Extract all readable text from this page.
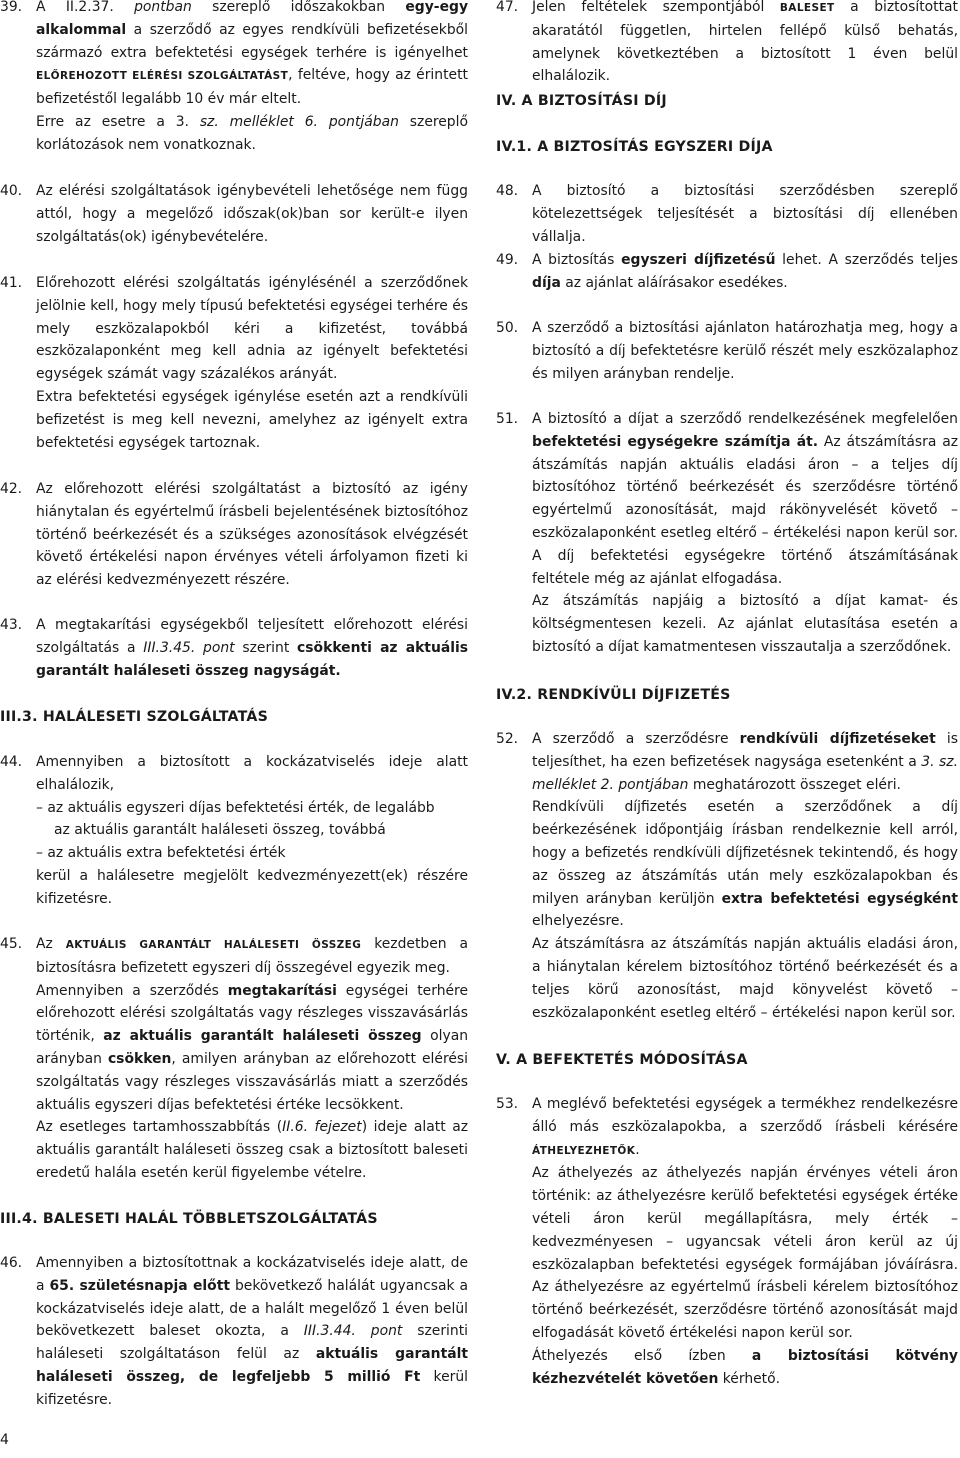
39.	A II.2.37. pontban szereplő időszakokban egy-egy alkalommal a szerződő az egyes rendkívüli befizetésekből származó extra befektetési egységek terhére is igényelhet ELŐREHOZOTT ELÉRÉSI SZOLGÁLTATÁST, feltéve, hogy az érintett befizetéstől legalább 10 év már eltelt.
Erre az esetre a 3. sz. melléklet 6. pontjában szereplő korlátozások nem vonatkoznak.
40.	Az elérési szolgáltatások igénybevételi lehetősége nem függ attól, hogy a megelőző időszak(ok)ban sor került-e ilyen szolgáltatás(ok) igénybevételére.
41.	Előrehozott elérési szolgáltatás igénylésénél a szerződőnek jelölnie kell, hogy mely típusú befektetési egységei terhére és mely eszközalapokból kéri a kifizetést, továbbá eszközalaponként meg kell adnia az igényelt befektetési egységek számát vagy százalékos arányát.
Extra befektetési egységek igénylése esetén azt a rendkívüli befizetést is meg kell nevezni, amelyhez az igényelt extra befektetési egységek tartoznak.
42.	Az előrehozott elérési szolgáltatást a biztosító az igény hiánytalan és egyértelmű írásbeli bejelentésének biztosítóhoz történő beérkezését és a szükséges azonosítások elvégzését követő értékelési napon érvényes vételi árfolyamon fizeti ki az elérési kedvezményezett részére.
43.	A megtakarítási egységekből teljesített előrehozott elérési szolgáltatás a III.3.45. pont szerint csökkenti az aktuális garantált haláleseti összeg nagyságát.
III.3. HALÁLESETI SZOLGÁLTATÁS
44.	Amennyiben a biztosított a kockázatviselés ideje alatt elhalálozik,
– az aktuális egyszeri díjas befektetési érték, de legalább
az aktuális garantált haláleseti összeg, továbbá
– az aktuális extra befektetési érték
kerül a halálesetre megjelölt kedvezményezett(ek) részére kifizetésre.
45.	Az AKTUÁLIS GARANTÁLT HALÁLESETI ÖSSZEG kezdetben a biztosításra befizetett egyszeri díj összegével egyezik meg.
Amennyiben a szerződés megtakarítási egységei terhére előrehozott elérési szolgáltatás vagy részleges visszavásárlás történik, az aktuális garantált haláleseti összeg olyan arányban csökken, amilyen arányban az előrehozott elérési szolgáltatás vagy részleges visszavásárlás miatt a szerződés aktuális egyszeri díjas befektetési értéke lecsökkent.
Az esetleges tartamhosszabbítás (II.6. fejezet) ideje alatt az aktuális garantált haláleseti összeg csak a biztosított baleseti eredetű halála esetén kerül figyelembe vételre.
III.4. BALESETI HALÁL TÖBBLETSZOLGÁLTATÁS
46.	Amennyiben a biztosítottnak a kockázatviselés ideje alatt, de a 65. születésnapja előtt bekövetkező halálát ugyancsak a kockázatviselés ideje alatt, de a halált megelőző 1 éven belül bekövetkezett baleset okozta, a III.3.44. pont szerinti haláleseti szolgáltatáson felül az aktuális garantált haláleseti összeg, de legfeljebb 5 millió Ft kerül kifizetésre.
47.	Jelen feltételek szempontjából BALESET a biztosítottat akaratától független, hirtelen fellépő külső behatás, amelynek következtében a biztosított 1 éven belül elhalálozik.
IV. A BIZTOSÍTÁSI DÍJ
IV.1. A BIZTOSÍTÁS EGYSZERI DÍJA
48.	A biztosító a biztosítási szerződésben szereplő kötelezettségek teljesítését a biztosítási díj ellenében vállalja.
49.	A biztosítás egyszeri díjfizetésű lehet. A szerződés teljes díja az ajánlat aláírásakor esedékes.
50.	A szerződő a biztosítási ajánlaton határozhatja meg, hogy a biztosító a díj befektetésre kerülő részét mely eszközalaphoz és milyen arányban rendelje.
51.	A biztosító a díjat a szerződő rendelkezésének megfelelően befektetési egységekre számítja át. Az átszámításra az átszámítás napján aktuális eladási áron – a teljes díj biztosítóhoz történő beérkezését és szerződésre történő egyértelmű azonosítását, majd rákönyvelését követő – eszközalaponként esetleg eltérő – értékelési napon kerül sor. A díj befektetési egységekre történő átszámításának feltétele még az ajánlat elfogadása.
Az átszámítás napjáig a biztosító a díjat kamat- és költségmentesen kezeli. Az ajánlat elutasítása esetén a biztosító a díjat kamatmentesen visszautalja a szerződőnek.
IV.2. RENDKÍVÜLI DÍJFIZETÉS
52.	A szerződő a szerződésre rendkívüli díjfizetéseket is teljesíthet, ha ezen befizetések nagysága esetenként a 3. sz. melléklet 2. pontjában meghatározott összeget eléri.
Rendkívüli díjfizetés esetén a szerződőnek a díj beérkezésének időpontjáig írásban rendelkeznie kell arról, hogy a befizetés rendkívüli díjfizetésnek tekintendő, és hogy az összeg az átszámítás után mely eszközalapokban és milyen arányban kerüljön extra befektetési egységként elhelyezésre.
Az átszámításra az átszámítás napján aktuális eladási áron, a hiánytalan kérelem biztosítóhoz történő beérkezését és a teljes körű azonosítást, majd könyvelést követő – eszközalaponként esetleg eltérő – értékelési napon kerül sor.
V. A BEFEKTETÉS MÓDOSÍTÁSA
53.	A meglévő befektetési egységek a termékhez rendelkezésre álló más eszközalapokba, a szerződő írásbeli kérésére ÁTHELYEZHETŐK.
Az áthelyezés az áthelyezés napján érvényes vételi áron történik: az áthelyezésre kerülő befektetési egységek értéke vételi áron kerül megállapításra, mely érték – kedvezményesen – ugyancsak vételi áron kerül az új eszközalapban befektetési egységek formájában jóváírásra. Az áthelyezésre az egyértelmű írásbeli kérelem biztosítóhoz történő beérkezését, szerződésre történő azonosítását majd elfogadását követő értékelési napon kerül sor.
Áthelyezés első ízben a biztosítási kötvény kézhezvételét követően kérhető.
4
